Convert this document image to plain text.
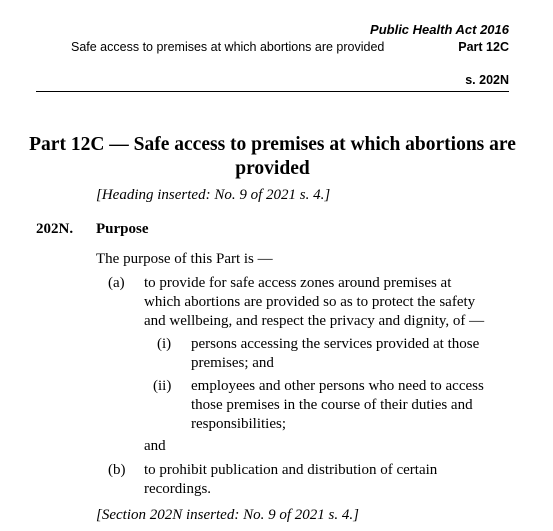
Public Health Act 2016
Safe access to premises at which abortions are provided	Part 12C
s. 202N
Part 12C — Safe access to premises at which abortions are provided
[Heading inserted: No. 9 of 2021 s. 4.]
202N. Purpose
The purpose of this Part is —
(a) to provide for safe access zones around premises at
which abortions are provided so as to protect the safety
and wellbeing, and respect the privacy and dignity, of —
(i) persons accessing the services provided at those
premises; and
(ii) employees and other persons who need to access
those premises in the course of their duties and
responsibilities;
and
(b) to prohibit publication and distribution of certain
recordings.
[Section 202N inserted: No. 9 of 2021 s. 4.]
